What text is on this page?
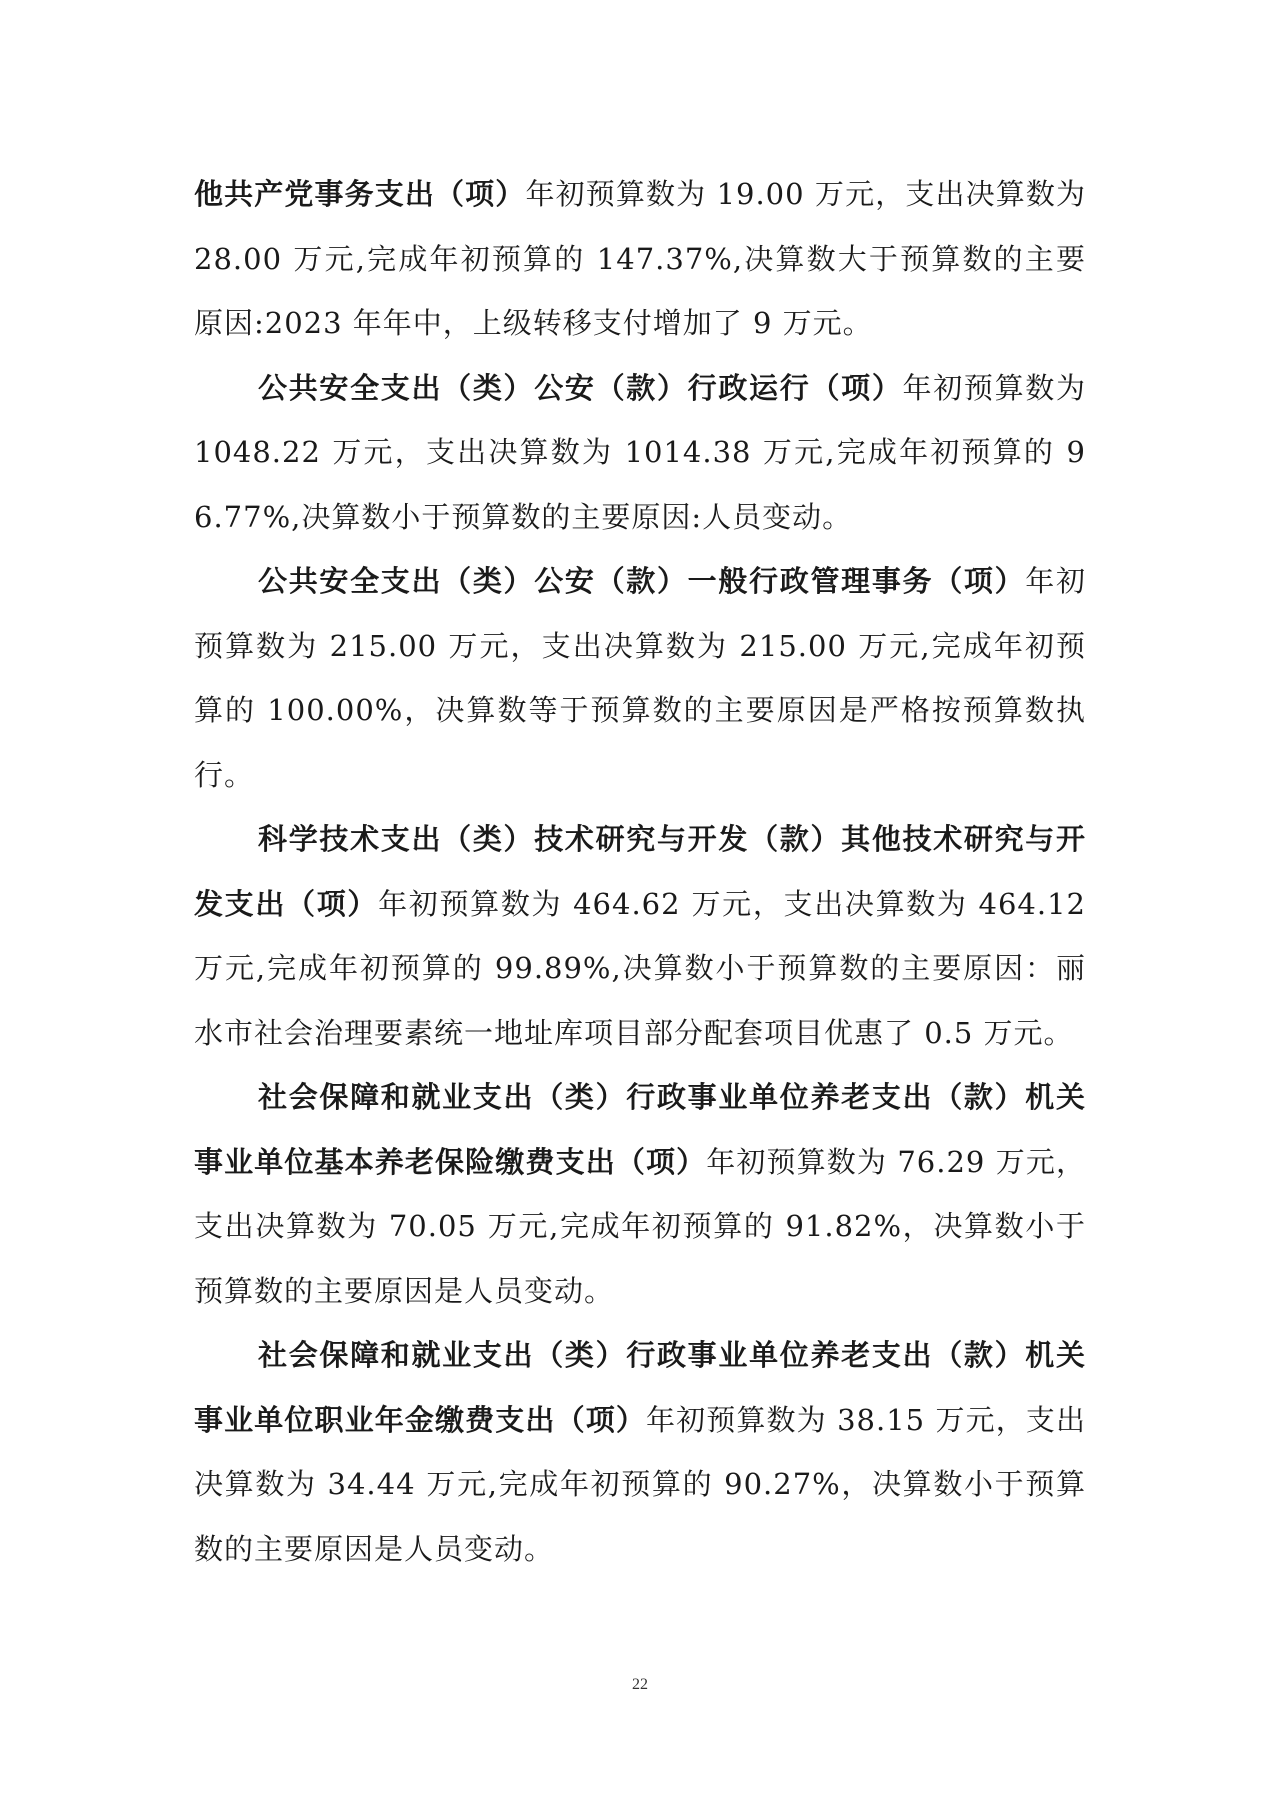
他共产党事务支出（项）年初预算数为 19.00 万元，支出决算数为 28.00 万元,完成年初预算的 147.37%,决算数大于预算数的主要原因:2023 年年中，上级转移支付增加了 9 万元。

公共安全支出（类）公安（款）行政运行（项）年初预算数为 1048.22 万元，支出决算数为 1014.38 万元,完成年初预算的 96.77%,决算数小于预算数的主要原因:人员变动。

公共安全支出（类）公安（款）一般行政管理事务（项）年初预算数为 215.00 万元，支出决算数为 215.00 万元,完成年初预算的 100.00%，决算数等于预算数的主要原因是严格按预算数执行。

科学技术支出（类）技术研究与开发（款）其他技术研究与开发支出（项）年初预算数为 464.62 万元，支出决算数为 464.12 万元,完成年初预算的 99.89%,决算数小于预算数的主要原因：丽水市社会治理要素统一地址库项目部分配套项目优惠了 0.5 万元。

社会保障和就业支出（类）行政事业单位养老支出（款）机关事业单位基本养老保险缴费支出（项）年初预算数为 76.29 万元，支出决算数为 70.05 万元,完成年初预算的 91.82%，决算数小于预算数的主要原因是人员变动。

社会保障和就业支出（类）行政事业单位养老支出（款）机关事业单位职业年金缴费支出（项）年初预算数为 38.15 万元，支出决算数为 34.44 万元,完成年初预算的 90.27%，决算数小于预算数的主要原因是人员变动。

22
